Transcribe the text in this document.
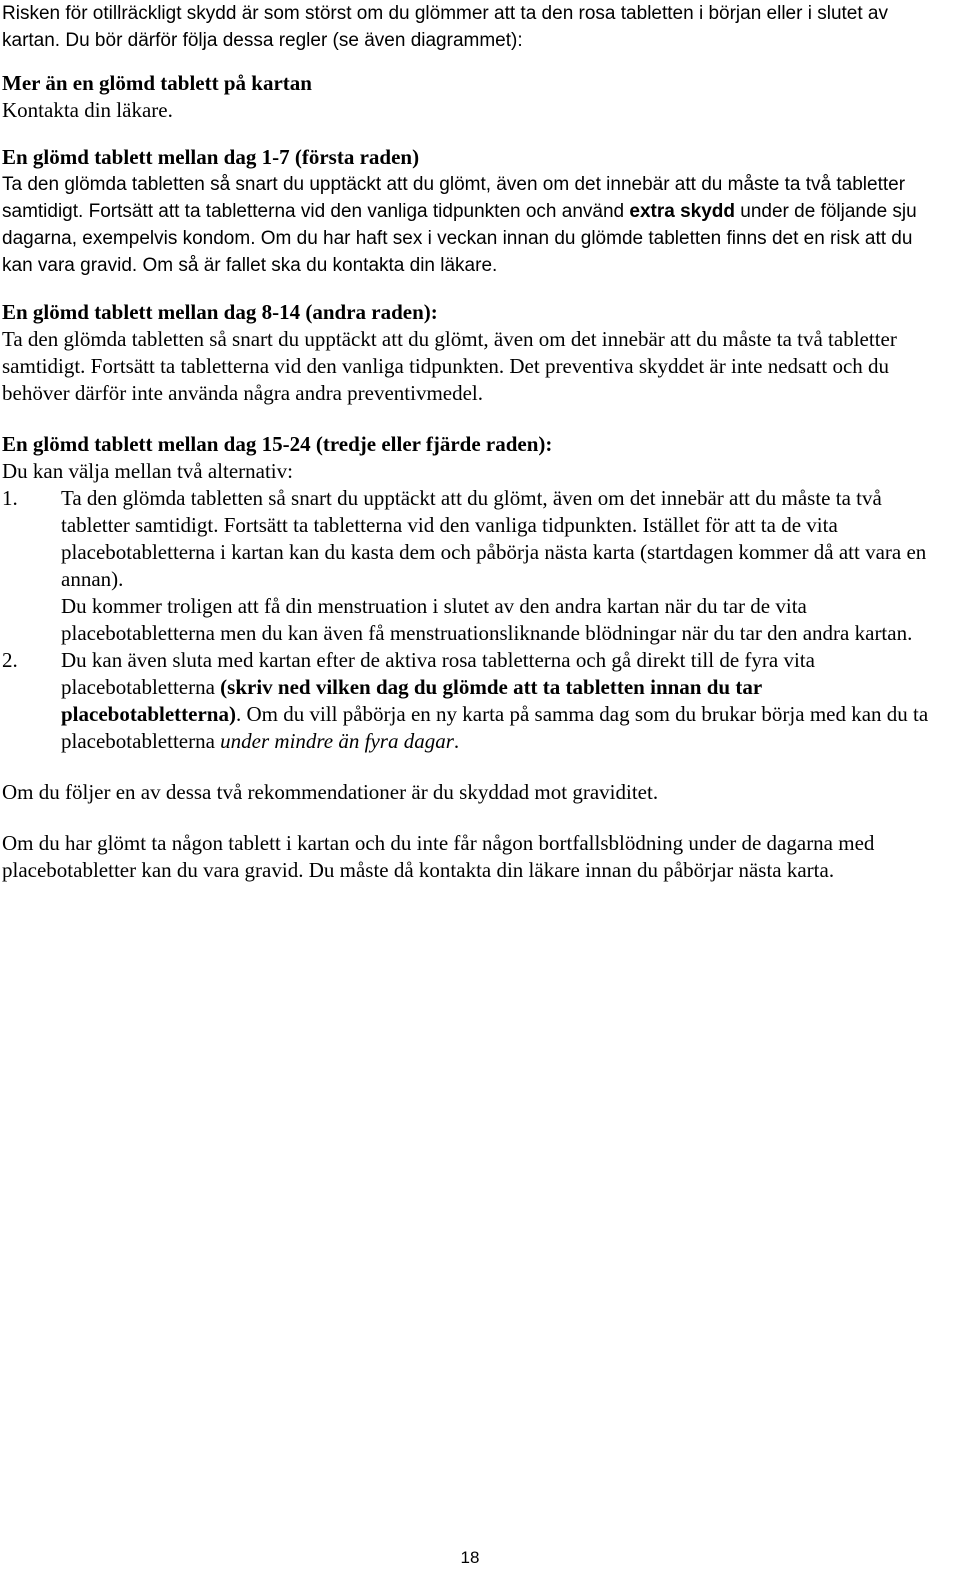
Risken för otillräckligt skydd är som störst om du glömmer att ta den rosa tabletten i början eller i slutet av kartan. Du bör därför följa dessa regler (se även diagrammet):

Mer än en glömd tablett på kartan

Kontakta din läkare.

En glömd tablett mellan dag 1-7 (första raden)

Ta den glömda tabletten så snart du upptäckt att du glömt, även om det innebär att du måste ta två tabletter samtidigt. Fortsätt att ta tabletterna vid den vanliga tidpunkten och använd extra skydd under de följande sju dagarna, exempelvis kondom. Om du har haft sex i veckan innan du glömde tabletten finns det en risk att du kan vara gravid. Om så är fallet ska du kontakta din läkare.

En glömd tablett mellan dag 8-14 (andra raden):

Ta den glömda tabletten så snart du upptäckt att du glömt, även om det innebär att du måste ta två tabletter samtidigt. Fortsätt ta tabletterna vid den vanliga tidpunkten. Det preventiva skyddet är inte nedsatt och du behöver därför inte använda några andra preventivmedel.

En glömd tablett mellan dag 15-24 (tredje eller fjärde raden):

Du kan välja mellan två alternativ:

1. Ta den glömda tabletten så snart du upptäckt att du glömt, även om det innebär att du måste ta två tabletter samtidigt. Fortsätt ta tabletterna vid den vanliga tidpunkten. Istället för att ta de vita placebotabletterna i kartan kan du kasta dem och påbörja nästa karta (startdagen kommer då att vara en annan).

Du kommer troligen att få din menstruation i slutet av den andra kartan när du tar de vita placebotabletterna men du kan även få menstruationsliknande blödningar när du tar den andra kartan.

2. Du kan även sluta med kartan efter de aktiva rosa tabletterna och gå direkt till de fyra vita placebotabletterna (skriv ned vilken dag du glömde att ta tabletten innan du tar placebotabletterna). Om du vill påbörja en ny karta på samma dag som du brukar börja med kan du ta placebotabletterna under mindre än fyra dagar.

Om du följer en av dessa två rekommendationer är du skyddad mot graviditet.

Om du har glömt ta någon tablett i kartan och du inte får någon bortfallsblödning under de dagarna med placebotabletter kan du vara gravid. Du måste då kontakta din läkare innan du påbörjar nästa karta.

18
